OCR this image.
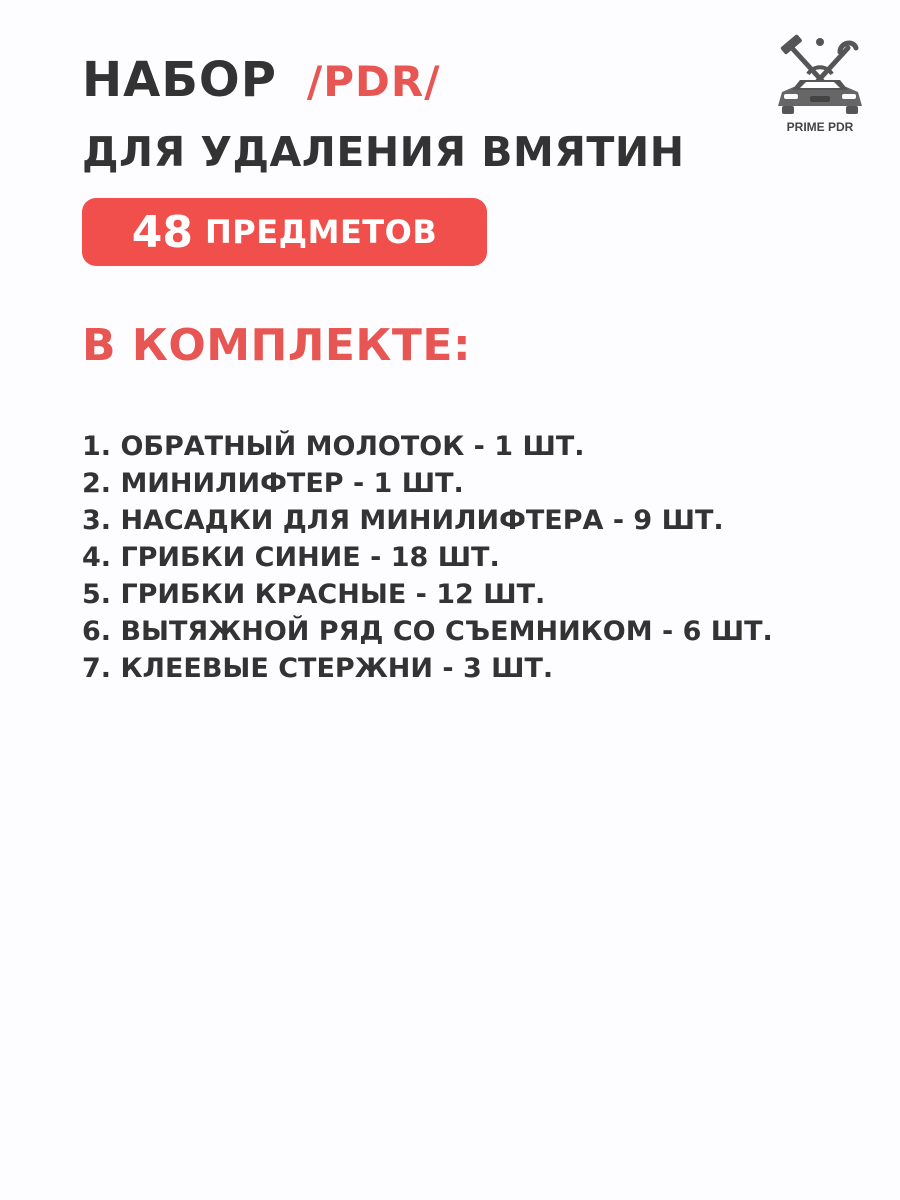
НАБОР /PDR/
ДЛЯ УДАЛЕНИЯ ВМЯТИН
48 ПРЕДМЕТОВ
В КОМПЛЕКТЕ:
1. ОБРАТНЫЙ МОЛОТОК - 1 ШТ.
2. МИНИЛИФТЕР - 1 ШТ.
3. НАСАДКИ ДЛЯ МИНИЛИФТЕРА - 9 ШТ.
4. ГРИБКИ СИНИЕ - 18 ШТ.
5. ГРИБКИ КРАСНЫЕ - 12 ШТ.
6. ВЫТЯЖНОЙ РЯД СО СЪЕМНИКОМ - 6 ШТ.
7. КЛЕЕВЫЕ СТЕРЖНИ - 3 ШТ.
PRIME PDR
